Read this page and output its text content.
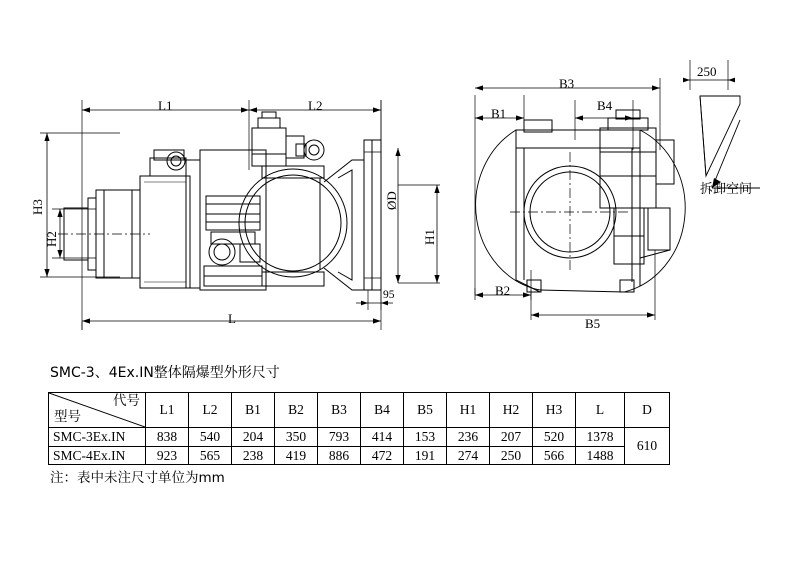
L1	L2
L
H3
H2	H1
ØD
95
B3
B1
B4
B2
B5
250
拆卸空间
SMC-3、4Ex.IN整体隔爆型外形尺寸
代号
型号	L1	L2	B1	B2	B3	B4	B5	H1	H2	H3	L	D
SMC-3Ex.IN	838	540	204	350	793	414	153	236	207	520	1378	610
SMC-4Ex.IN	923	565	238	419	886	472	191	274	250	566	1488	
注：表中未注尺寸单位为mm
